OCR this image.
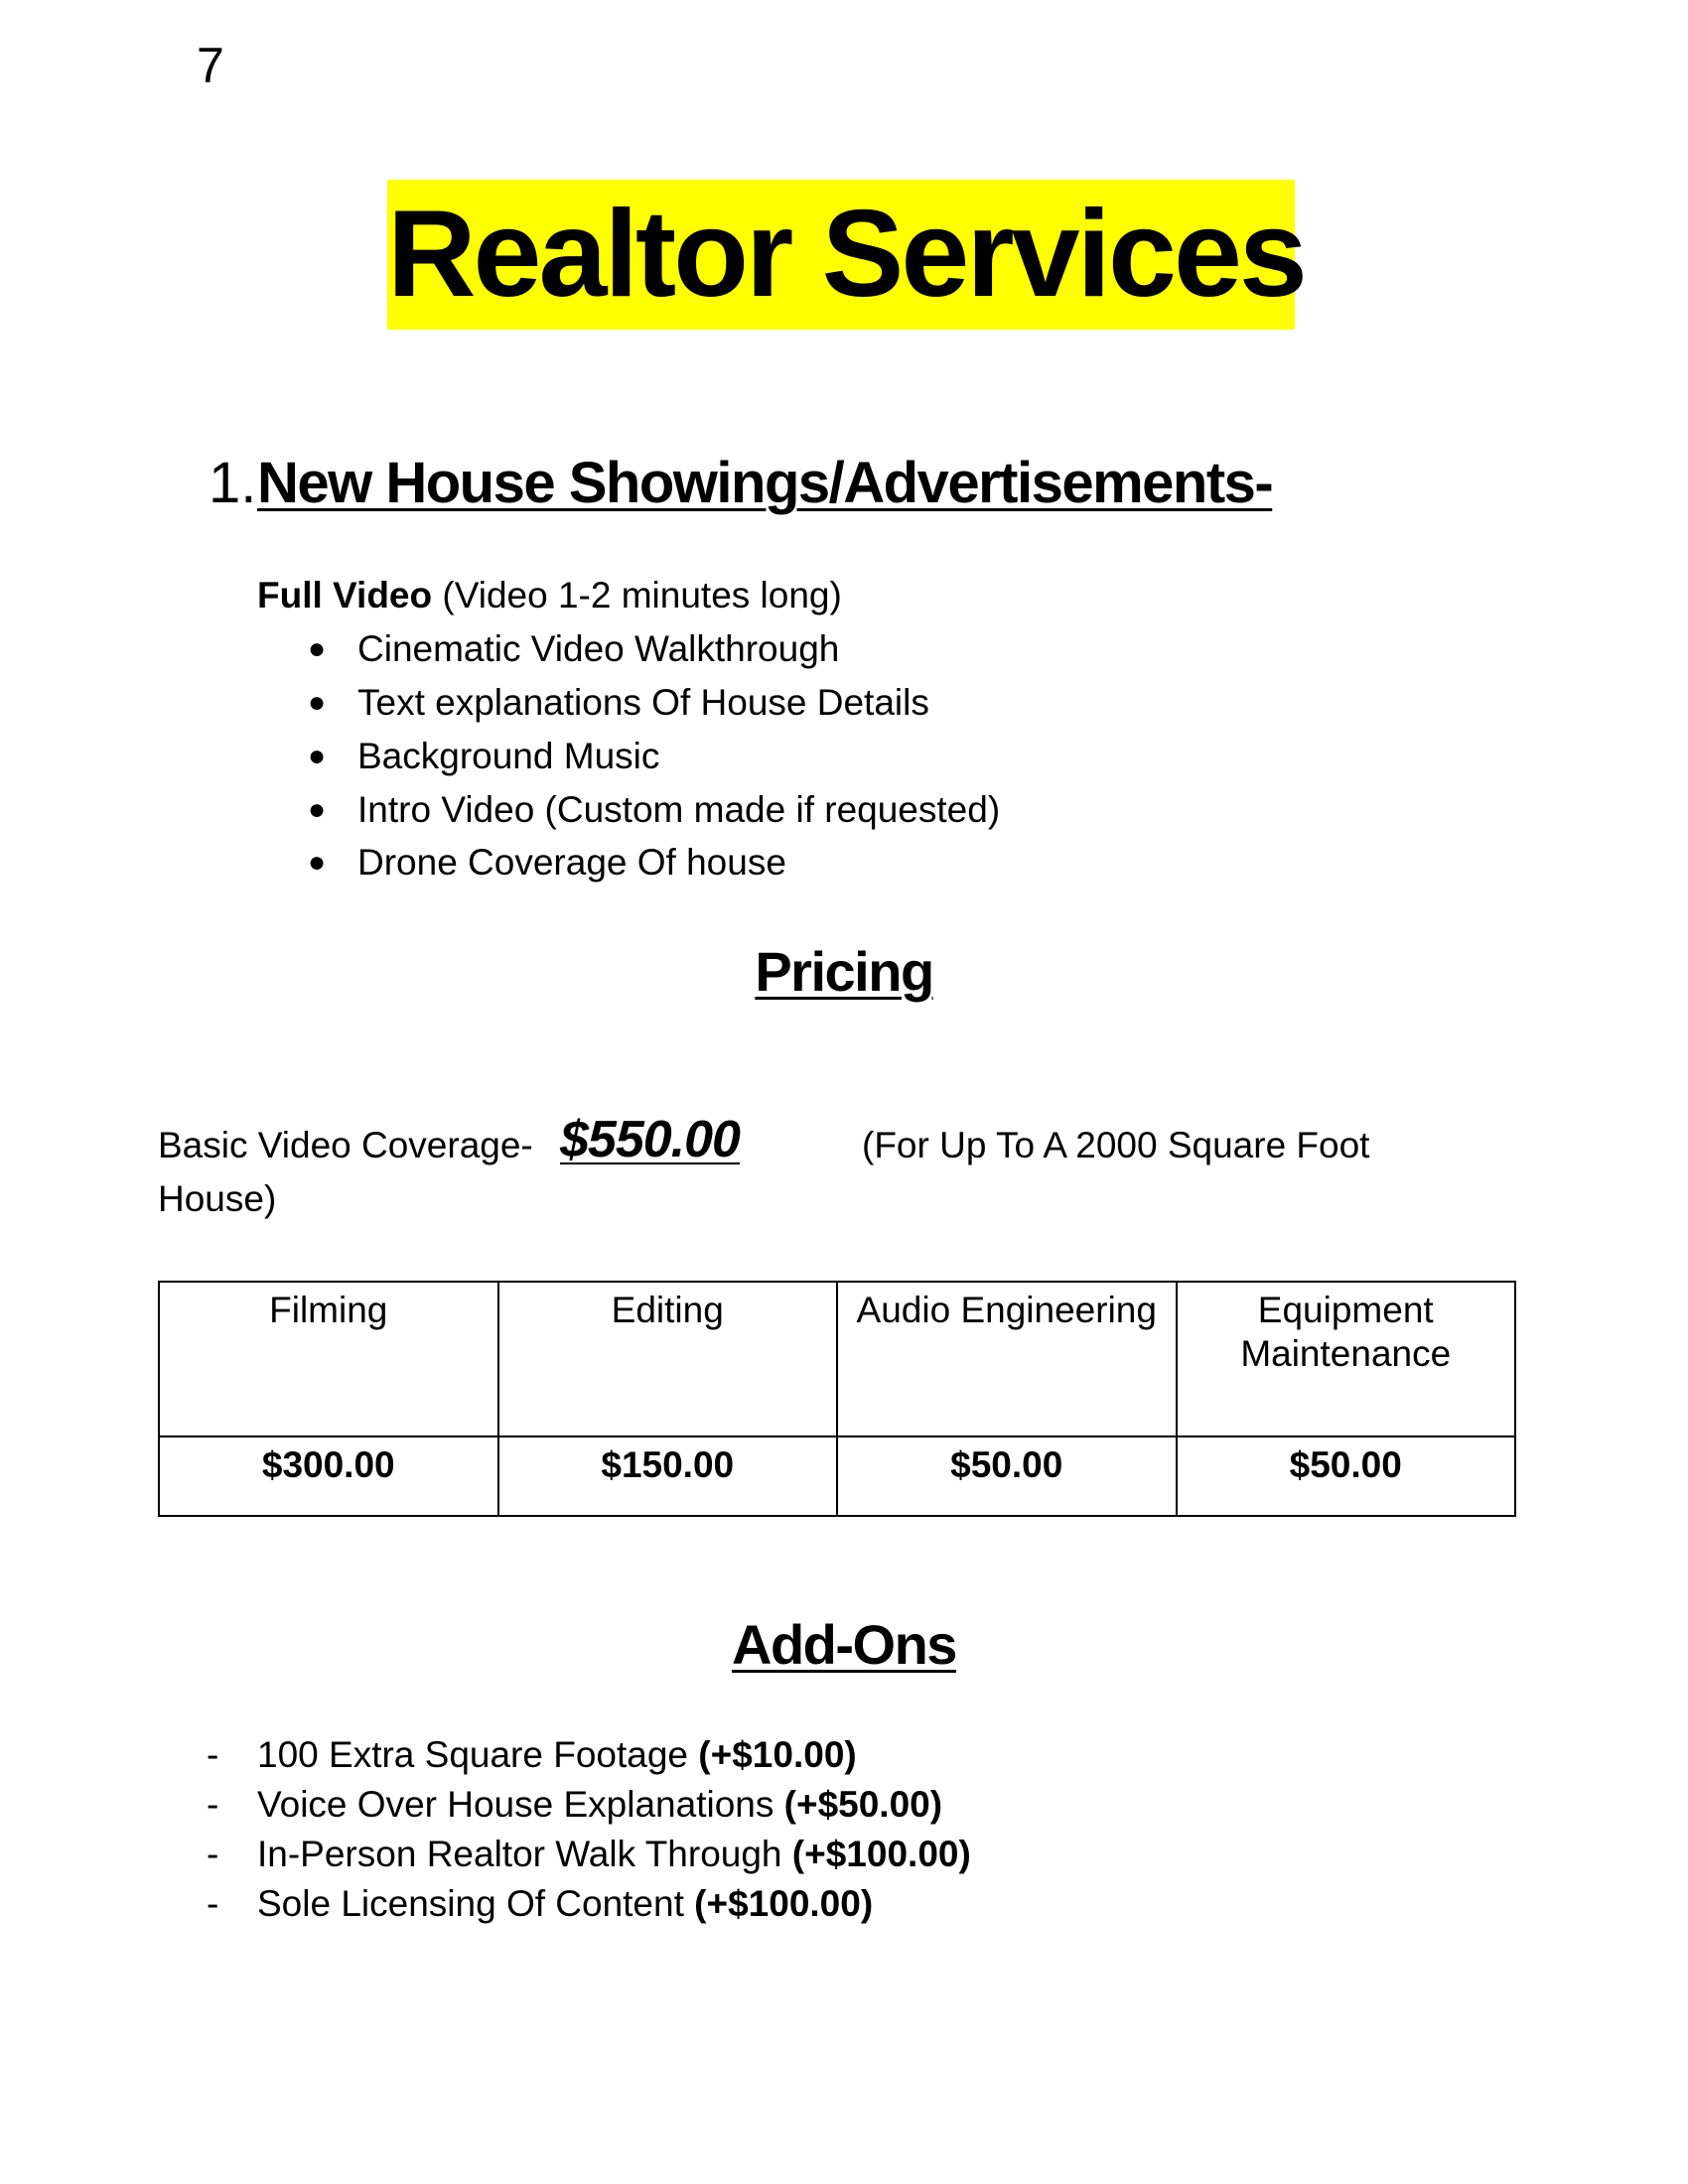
7
Realtor Services
1. New House Showings/Advertisements-
Full Video (Video 1-2 minutes long)
● Cinematic Video Walkthrough
● Text explanations Of House Details
● Background Music
● Intro Video (Custom made if requested)
● Drone Coverage Of house
Pricing
Basic Video Coverage- $550.00	(For Up To A 2000 Square Foot
House)
Filming	Editing	Audio Engineering	Equipment Maintenance
$300.00	$150.00	$50.00	$50.00
Add-Ons
- 100 Extra Square Footage (+$10.00)
- Voice Over House Explanations (+$50.00)
- In-Person Realtor Walk Through (+$100.00)
- Sole Licensing Of Content (+$100.00)
